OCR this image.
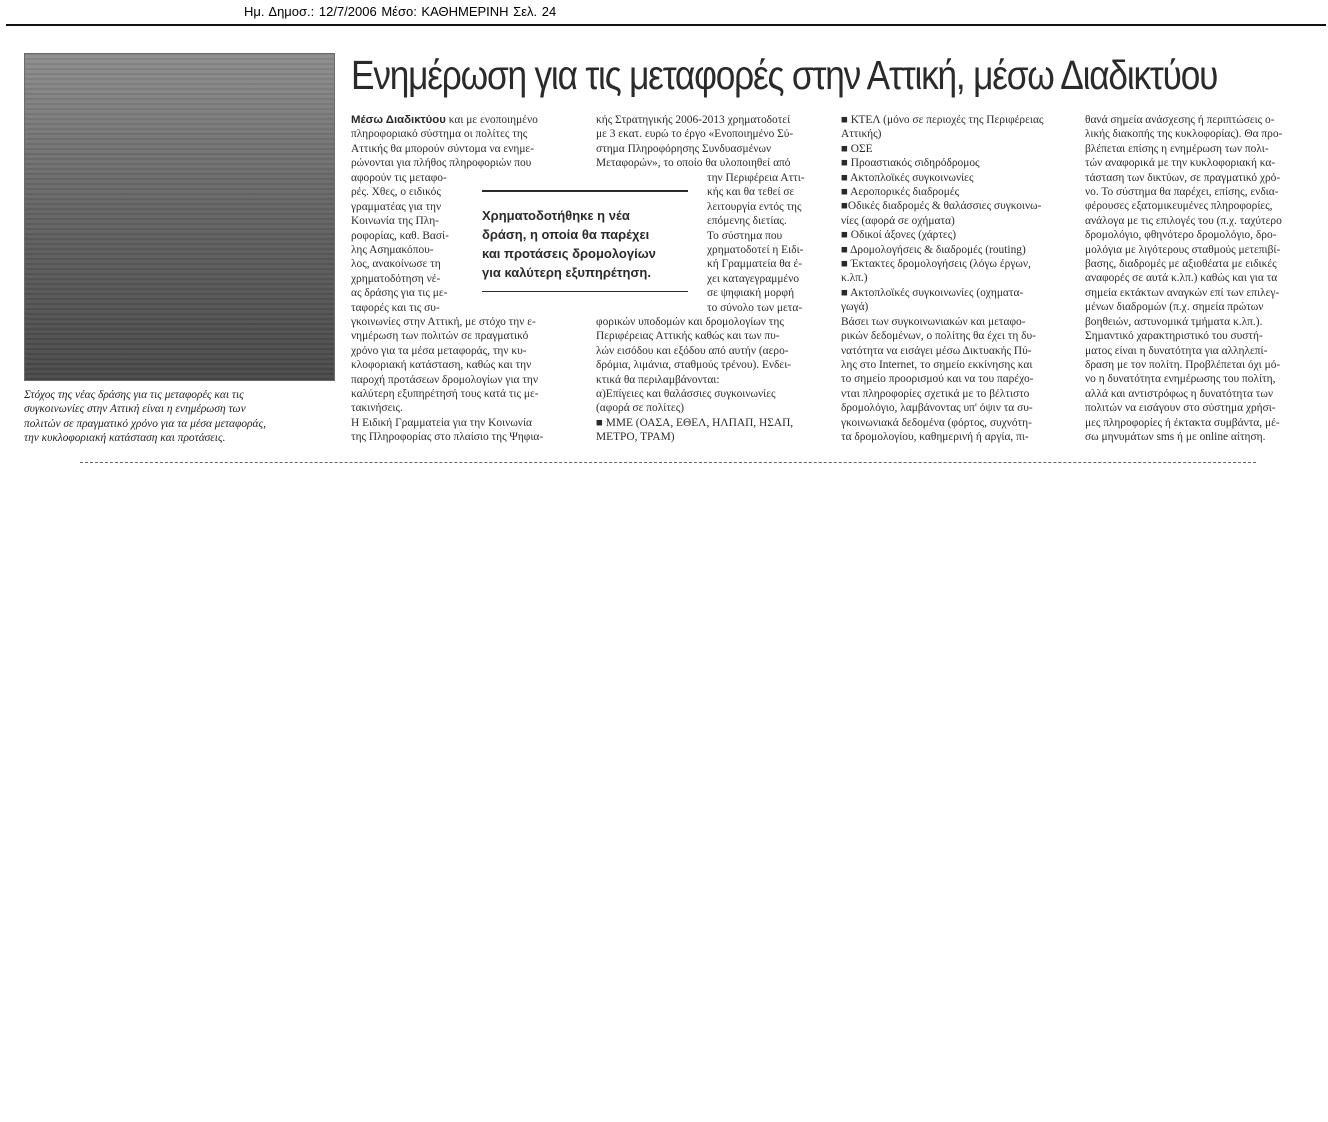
Ημ. Δημοσ.: 12/7/2006 Μέσο: ΚΑΘΗΜΕΡΙΝΗ Σελ. 24
Στόχος της νέας δράσης για τις μεταφορές και τις
συγκοινωνίες στην Αττική είναι η ενημέρωση των
πολιτών σε πραγματικό χρόνο για τα μέσα μεταφοράς,
την κυκλοφοριακή κατάσταση και προτάσεις.
Ενημέρωση για τις μεταφορές στην Αττική, μέσω Διαδικτύου
Μέσω Διαδικτύου και με ενοποιημένο
πληροφοριακό σύστημα οι πολίτες της
Αττικής θα μπορούν σύντομα να ενημε-
ρώνονται για πλήθος πληροφοριών που
αφορούν τις μεταφο-
ρές. Χθες, ο ειδικός
γραμματέας για την
Κοινωνία της Πλη-
ροφορίας, καθ. Βασί-
λης Ασημακόπου-
λος, ανακοίνωσε τη
χρηματοδότηση νέ-
ας δράσης για τις με-
ταφορές και τις συ-
γκοινωνίες στην Αττική, με στόχο την ε-
νημέρωση των πολιτών σε πραγματικό
χρόνο για τα μέσα μεταφοράς, την κυ-
κλοφοριακή κατάσταση, καθώς και την
παροχή προτάσεων δρομολογίων για την
καλύτερη εξυπηρέτησή τους κατά τις με-
τακινήσεις.
Η Ειδική Γραμματεία για την Κοινωνία
της Πληροφορίας στο πλαίσιο της Ψηφια-
κής Στρατηγικής 2006-2013 χρηματοδοτεί
με 3 εκατ. ευρώ το έργο «Ενοποιημένο Σύ-
στημα Πληροφόρησης Συνδυασμένων
Μεταφορών», το οποίο θα υλοποιηθεί από
την Περιφέρεια Αττι-
κής και θα τεθεί σε
λειτουργία εντός της
επόμενης διετίας.
Το σύστημα που
χρηματοδοτεί η Ειδι-
κή Γραμματεία θα έ-
χει καταγεγραμμένο
σε ψηφιακή μορφή
το σύνολο των μετα-
φορικών υποδομών και δρομολογίων της
Περιφέρειας Αττικής καθώς και των πυ-
λών εισόδου και εξόδου από αυτήν (αερο-
δρόμια, λιμάνια, σταθμούς τρένου). Ενδει-
κτικά θα περιλαμβάνονται:
α)Επίγειες και θαλάσσιες συγκοινωνίες
(αφορά σε πολίτες)
■ ΜΜΕ (ΟΑΣΑ, ΕΘΕΛ, ΗΛΠΑΠ, ΗΣΑΠ,
ΜΕΤΡΟ, ΤΡΑΜ)
Χρηματοδοτήθηκε η νέα
δράση, η οποία θα παρέχει
και προτάσεις δρομολογίων
για καλύτερη εξυπηρέτηση.
■ ΚΤΕΛ (μόνο σε περιοχές της Περιφέρειας
Αττικής)
■ ΟΣΕ
■ Προαστιακός σιδηρόδρομος
■ Ακτοπλοϊκές συγκοινωνίες
■ Αεροπορικές διαδρομές
■Οδικές διαδρομές & θαλάσσιες συγκοινω-
νίες (αφορά σε οχήματα)
■ Οδικοί άξονες (χάρτες)
■ Δρομολογήσεις & διαδρομές (routing)
■ Έκτακτες δρομολογήσεις (λόγω έργων,
κ.λπ.)
■ Ακτοπλοϊκές συγκοινωνίες (οχηματα-
γωγά)
Βάσει των συγκοινωνιακών και μεταφο-
ρικών δεδομένων, ο πολίτης θα έχει τη δυ-
νατότητα να εισάγει μέσω Δικτυακής Πύ-
λης στο Internet, το σημείο εκκίνησης και
το σημείο προορισμού και να του παρέχο-
νται πληροφορίες σχετικά με το βέλτιστο
δρομολόγιο, λαμβάνοντας υπ' όψιν τα συ-
γκοινωνιακά δεδομένα (φόρτος, συχνότη-
τα δρομολογίου, καθημερινή ή αργία, πι-
θανά σημεία ανάσχεσης ή περιπτώσεις ο-
λικής διακοπής της κυκλοφορίας). Θα προ-
βλέπεται επίσης η ενημέρωση των πολι-
τών αναφορικά με την κυκλοφοριακή κα-
τάσταση των δικτύων, σε πραγματικό χρό-
νο. Το σύστημα θα παρέχει, επίσης, ενδια-
φέρουσες εξατομικευμένες πληροφορίες,
ανάλογα με τις επιλογές του (π.χ. ταχύτερο
δρομολόγιο, φθηνότερο δρομολόγιο, δρο-
μολόγια με λιγότερους σταθμούς μετεπιβί-
βασης, διαδρομές με αξιοθέατα με ειδικές
αναφορές σε αυτά κ.λπ.) καθώς και για τα
σημεία εκτάκτων αναγκών επί των επιλεγ-
μένων διαδρομών (π.χ. σημεία πρώτων
βοηθειών, αστυνομικά τμήματα κ.λπ.).
Σημαντικό χαρακτηριστικό του συστή-
ματος είναι η δυνατότητα για αλληλεπί-
δραση με τον πολίτη. Προβλέπεται όχι μό-
νο η δυνατότητα ενημέρωσης του πολίτη,
αλλά και αντιστρόφως η δυνατότητα των
πολιτών να εισάγουν στο σύστημα χρήσι-
μες πληροφορίες ή έκτακτα συμβάντα, μέ-
σω μηνυμάτων sms ή με online αίτηση.
